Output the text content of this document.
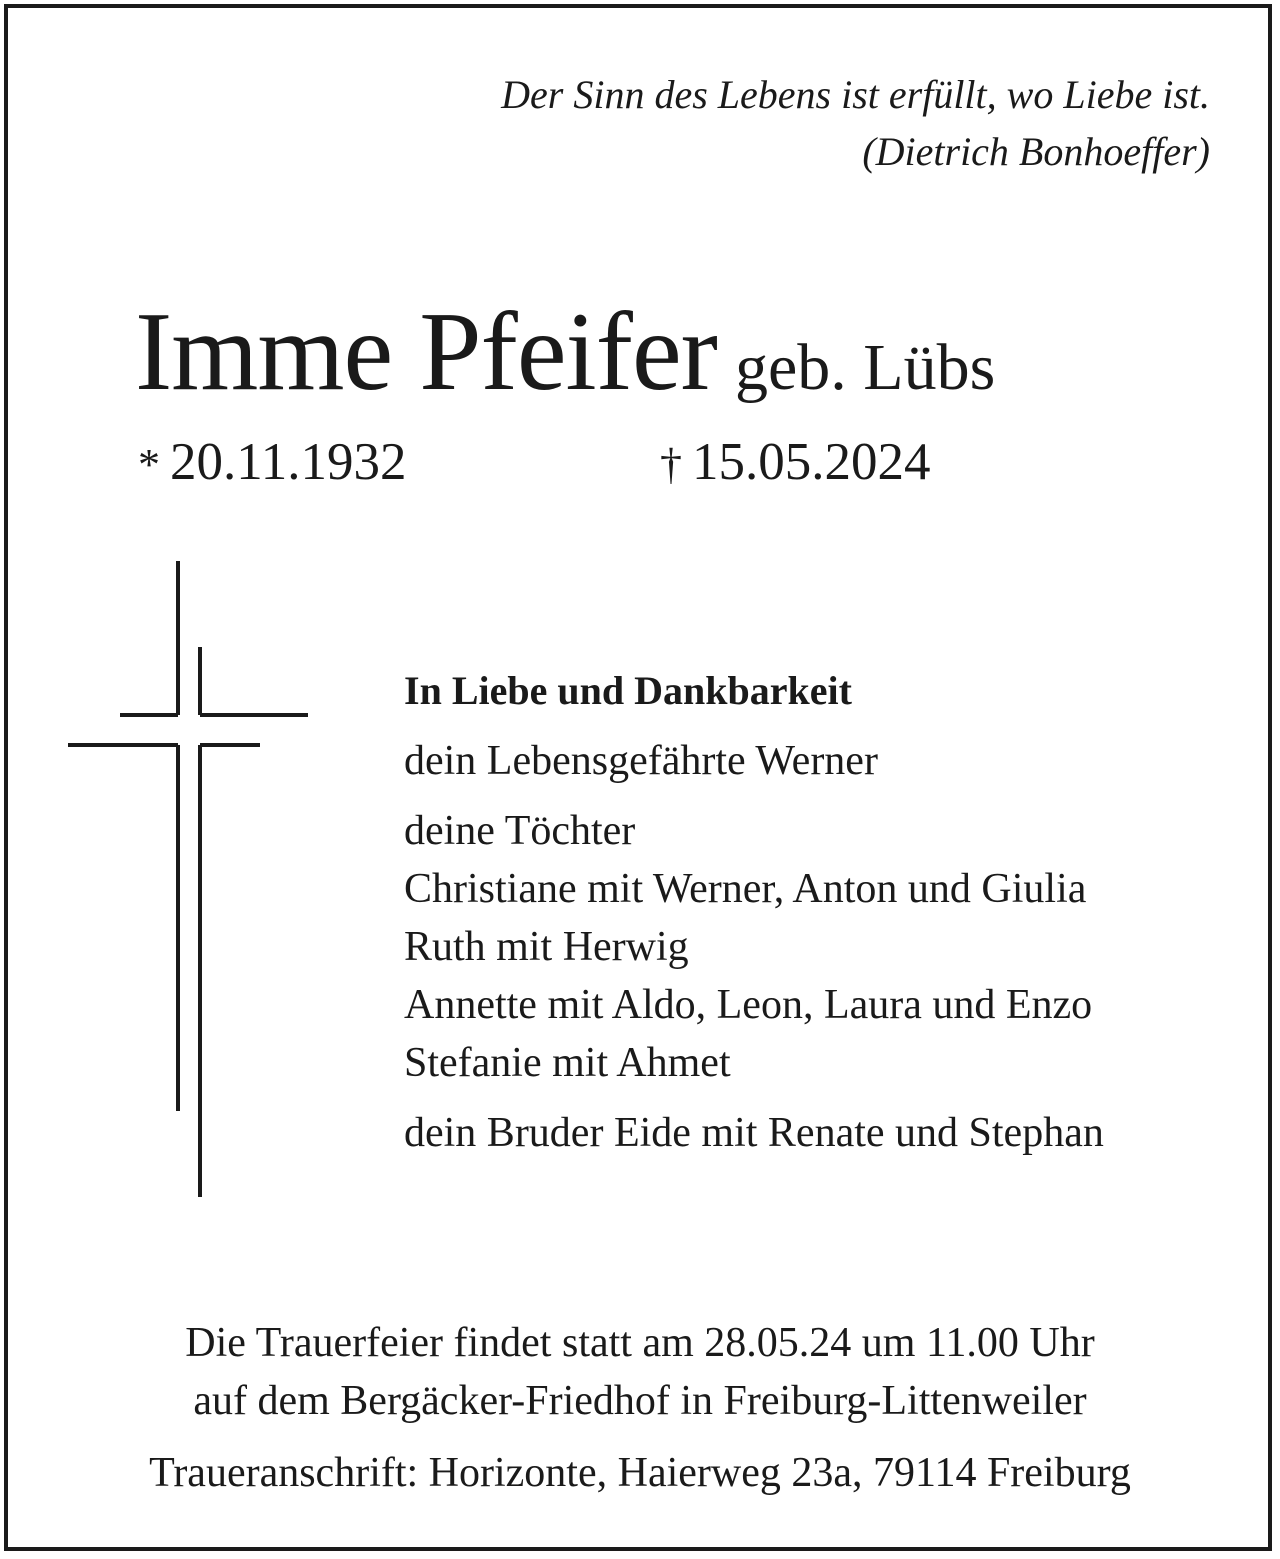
Der Sinn des Lebens ist erfüllt, wo Liebe ist.
(Dietrich Bonhoeffer)
Imme Pfeifer geb. Lübs
* 20.11.1932	† 15.05.2024
In Liebe und Dankbarkeit
dein Lebensgefährte Werner
deine Töchter
Christiane mit Werner, Anton und Giulia
Ruth mit Herwig
Annette mit Aldo, Leon, Laura und Enzo
Stefanie mit Ahmet
dein Bruder Eide mit Renate und Stephan
Die Trauerfeier findet statt am 28.05.24 um 11.00 Uhr
auf dem Bergäcker-Friedhof in Freiburg-Littenweiler
Traueranschrift: Horizonte, Haierweg 23a, 79114 Freiburg
